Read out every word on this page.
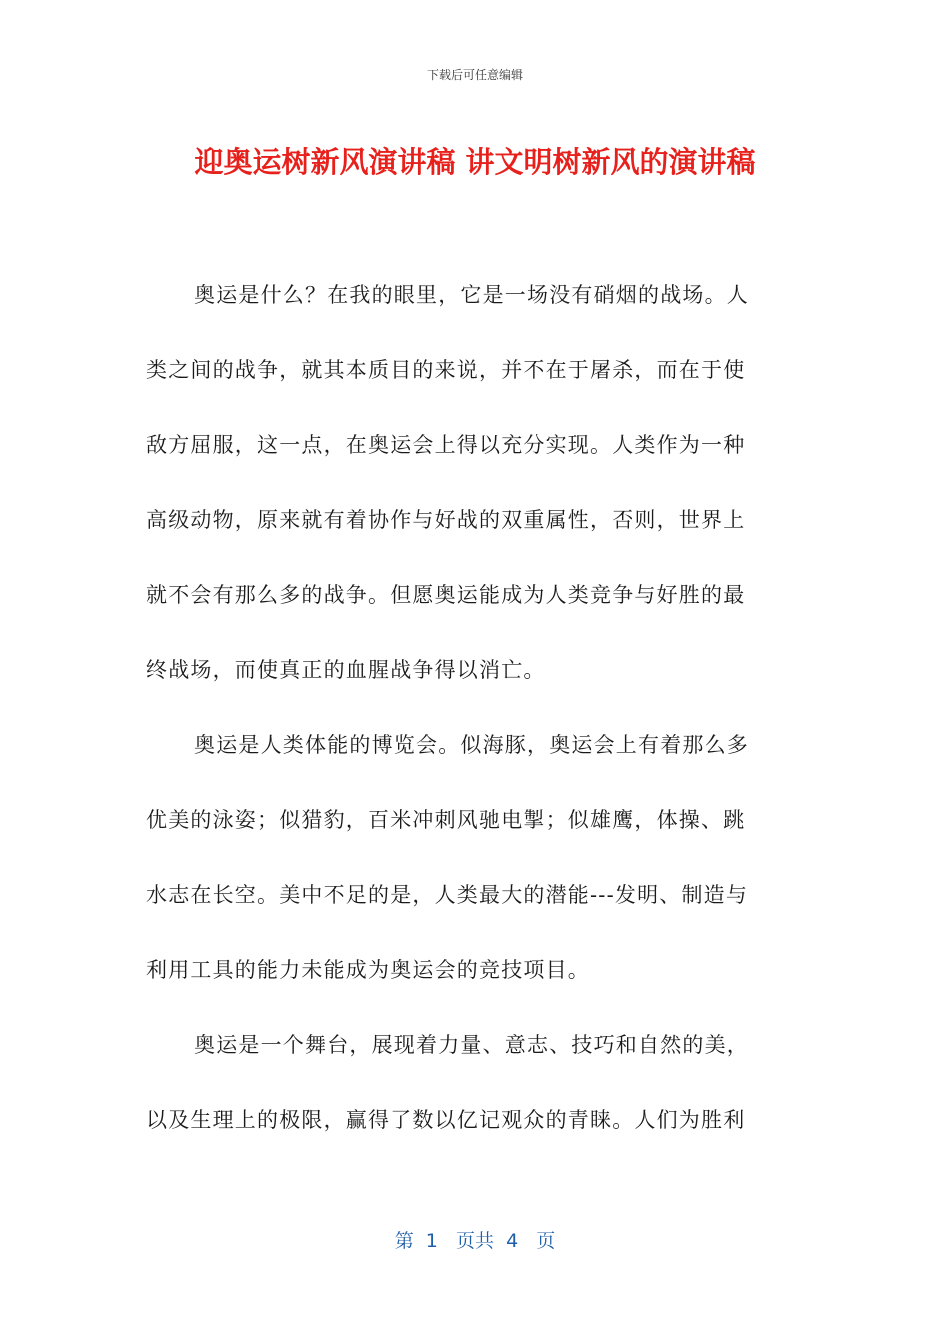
下载后可任意编辑
迎奥运树新风演讲稿 讲文明树新风的演讲稿
奥运是什么？在我的眼里，它是一场没有硝烟的战场。人
类之间的战争，就其本质目的来说，并不在于屠杀，而在于使
敌方屈服，这一点，在奥运会上得以充分实现。人类作为一种
高级动物，原来就有着协作与好战的双重属性，否则，世界上
就不会有那么多的战争。但愿奥运能成为人类竞争与好胜的最
终战场，而使真正的血腥战争得以消亡。
奥运是人类体能的博览会。似海豚，奥运会上有着那么多
优美的泳姿；似猎豹，百米冲刺风驰电掣；似雄鹰，体操、跳
水志在长空。美中不足的是，人类最大的潜能---发明、制造与
利用工具的能力未能成为奥运会的竞技项目。
奥运是一个舞台，展现着力量、意志、技巧和自然的美，
以及生理上的极限，赢得了数以亿记观众的青睐。人们为胜利
第  1   页共  4   页
